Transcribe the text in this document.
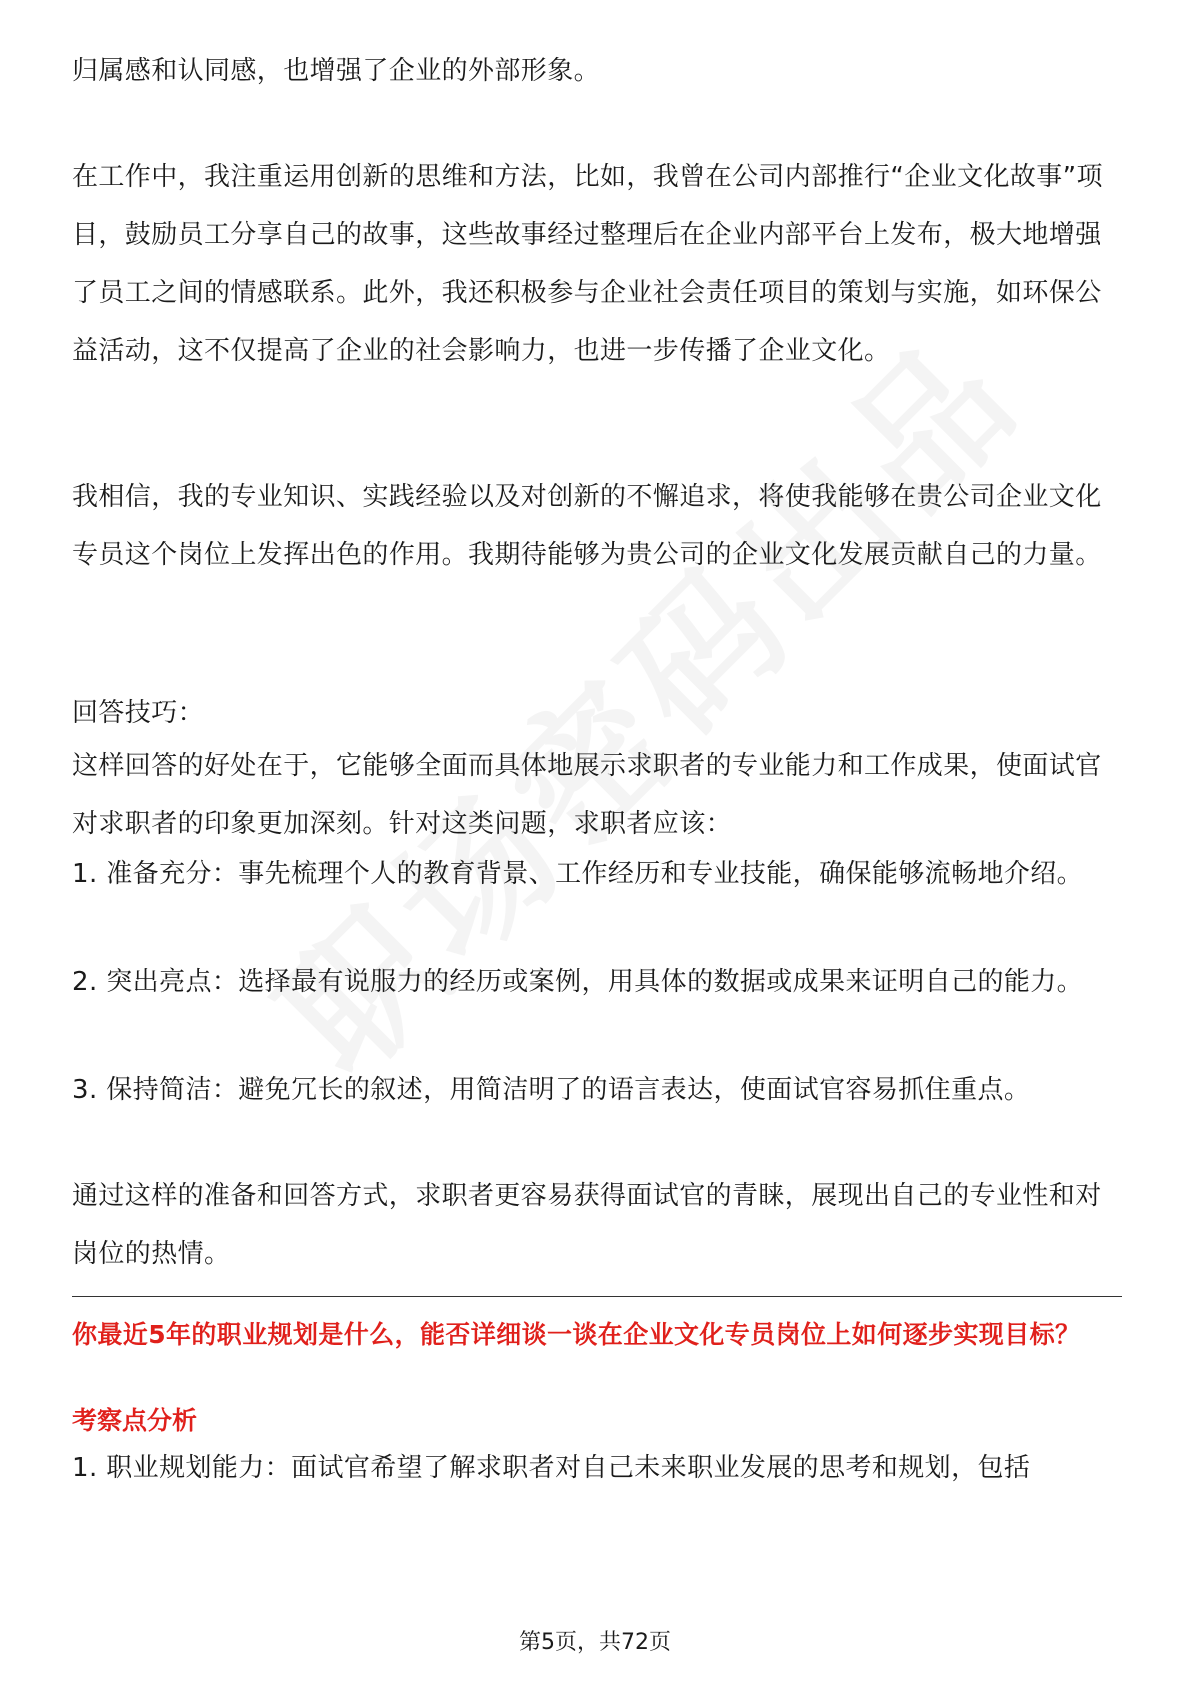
归属感和认同感，也增强了企业的外部形象。

在工作中，我注重运用创新的思维和方法，比如，我曾在公司内部推行“企业文化故事”项目，鼓励员工分享自己的故事，这些故事经过整理后在企业内部平台上发布，极大地增强了员工之间的情感联系。此外，我还积极参与企业社会责任项目的策划与实施，如环保公益活动，这不仅提高了企业的社会影响力，也进一步传播了企业文化。

我相信，我的专业知识、实践经验以及对创新的不懈追求，将使我能够在贵公司企业文化专员这个岗位上发挥出色的作用。我期待能够为贵公司的企业文化发展贡献自己的力量。

回答技巧：

这样回答的好处在于，它能够全面而具体地展示求职者的专业能力和工作成果，使面试官对求职者的印象更加深刻。针对这类问题，求职者应该：

1. 准备充分：事先梳理个人的教育背景、工作经历和专业技能，确保能够流畅地介绍。

2. 突出亮点：选择最有说服力的经历或案例，用具体的数据或成果来证明自己的能力。

3. 保持简洁：避免冗长的叙述，用简洁明了的语言表达，使面试官容易抓住重点。

通过这样的准备和回答方式，求职者更容易获得面试官的青睐，展现出自己的专业性和对岗位的热情。

你最近5年的职业规划是什么，能否详细谈一谈在企业文化专员岗位上如何逐步实现目标？

考察点分析

1. 职业规划能力：面试官希望了解求职者对自己未来职业发展的思考和规划，包括

第5页，共72页
